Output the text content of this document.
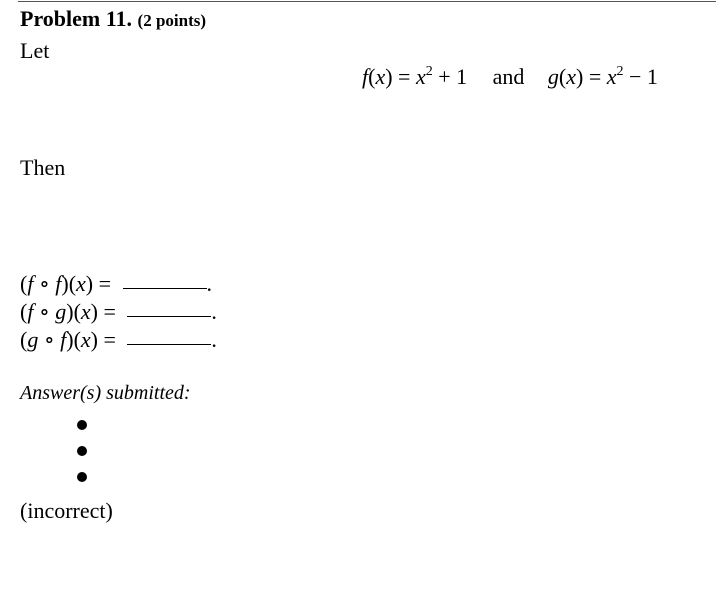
Problem 11. (2 points)
Let
$f(x) = x^2 + 1$ and $g(x) = x^2 - 1$
Then
(f ∘ f)(x) =	.
(f ∘ g)(x) =	.
(g ∘ f)(x) =	.
Answer(s) submitted:
(incorrect)
